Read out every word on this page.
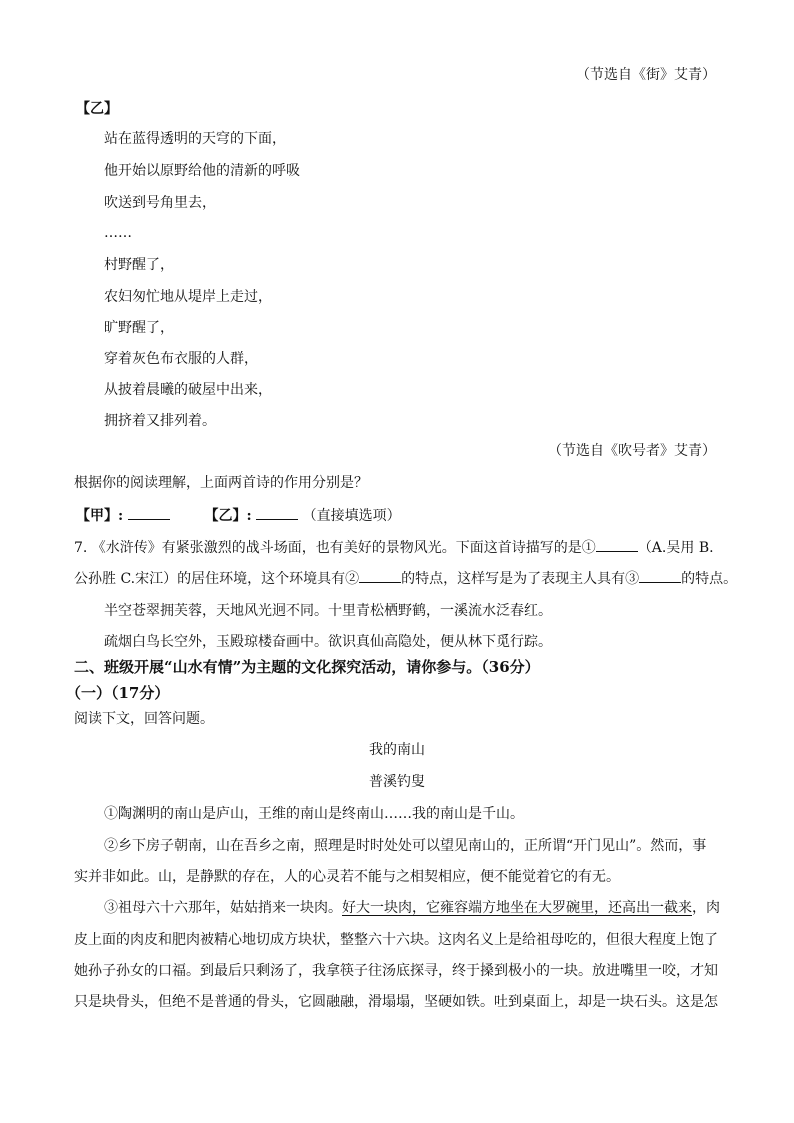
（节选自《街》艾青）
【乙】
站在蓝得透明的天穹的下面，
他开始以原野给他的清新的呼吸
吹送到号角里去，
……
村野醒了，
农妇匆忙地从堤岸上走过，
旷野醒了，
穿着灰色布衣服的人群，
从披着晨曦的破屋中出来，
拥挤着又排列着。
（节选自《吹号者》艾青）
根据你的阅读理解，上面两首诗的作用分别是？
【甲】:	【乙】:	（直接填选项）
7. 《水浒传》有紧张激烈的战斗场面，也有美好的景物风光。下面这首诗描写的是①	（A.吴用 B.
公孙胜 C.宋江）的居住环境，这个环境具有②	的特点，这样写是为了表现主人具有③	的特点。
半空苍翠拥芙蓉，天地风光迥不同。十里青松栖野鹤，一溪流水泛春红。
疏烟白鸟长空外，玉殿琼楼奋画中。欲识真仙高隐处，便从林下觅行踪。
二、班级开展“山水有情”为主题的文化探究活动，请你参与。（36分）
（一）（17分）
阅读下文，回答问题。
我的南山
普溪钓叟
①陶渊明的南山是庐山，王维的南山是终南山……我的南山是千山。
②乡下房子朝南，山在吾乡之南，照理是时时处处可以望见南山的，正所谓“开门见山”。然而，事
实并非如此。山，是静默的存在，人的心灵若不能与之相契相应，便不能觉着它的有无。
③祖母六十六那年，姑姑捎来一块肉。好大一块肉，它雍容端方地坐在大罗碗里，还高出一截来，肉
皮上面的肉皮和肥肉被精心地切成方块状，整整六十六块。这肉名义上是给祖母吃的，但很大程度上饱了
她孙子孙女的口福。到最后只剩汤了，我拿筷子往汤底探寻，终于搡到极小的一块。放进嘴里一咬，才知
只是块骨头，但绝不是普通的骨头，它圆融融，滑塌塌，坚硬如铁。吐到桌面上，却是一块石头。这是怎
